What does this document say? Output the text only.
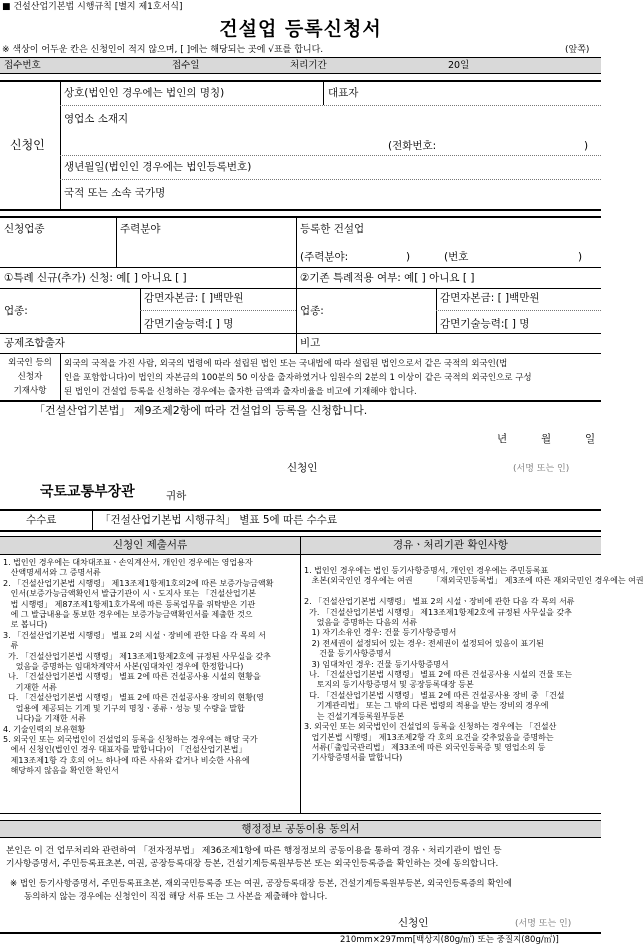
■ 건설산업기본법 시행규칙 [별지 제1호서식]
건설업 등록신청서
※ 색상이 어두운 칸은 신청인이 적지 않으며, [ ]에는 해당되는 곳에 √표를 합니다.	(앞쪽)
접수번호	접수일	처리기간	20일
신청인
상호(법인인 경우에는 법인의 명칭)	대표자
영업소 소재지
(전화번호:	)
생년월일(법인인 경우에는 법인등록번호)
국적 또는 소속 국가명
신청업종	주력분야	등록한 건설업
(주력분야:	)	(번호	)
①특례 신규(추가) 신청: 예[ ] 아니요 [ ]	②기존 특례적용 여부: 예[ ] 아니요 [ ]
업종:
감면자본금: [ ]백만원
감면기술능력:[ ] 명
업종:
감면자본금: [ ]백만원
감면기술능력:[ ] 명
공제조합출자	비고
외국인 등의
신청자
기재사항
외국의 국적을 가진 사람, 외국의 법령에 따라 설립된 법인 또는 국내법에 따라 설립된 법인으로서 같은 국적의 외국인(법
인을 포함합니다)이 법인의 자본금의 100분의 50 이상을 출자하였거나 임원수의 2분의 1 이상이 같은 국적의 외국인으로 구성
된 법인이 건설업 등록을 신청하는 경우에는 출자한 금액과 출자비율을 비고에 기재해야 합니다.
「건설산업기본법」 제9조제2항에 따라 건설업의 등록을 신청합니다.
년	월	일
신청인	(서명 또는 인)
국토교통부장관	귀하
수수료	「건설산업기본법 시행규칙」 별표 5에 따른 수수료
신청인 제출서류	경유ㆍ처리기관 확인사항
1. 법인인 경우에는 대차대조표ㆍ손익계산서, 개인인 경우에는 영업용자
산액명세서와 그 증명서류
2. 「건설산업기본법 시행령」 제13조제1항제1호의2에 따른 보증가능금액확
인서(보증가능금액확인서 발급기관이 시ㆍ도지사 또는 「건설산업기본
법 시행령」 제87조제1항제1호가목에 따른 등록업무를 위탁받은 기관
에 그 발급내용을 통보한 경우에는 보증가능금액확인서를 제출한 것으
로 봅니다)
3. 「건설산업기본법 시행령」 별표 2의 시설ㆍ장비에 관한 다음 각 목의 서
류
가. 「건설산업기본법 시행령」 제13조제1항제2호에 규정된 사무실을 갖추
었음을 증명하는 임대차계약서 사본(임대차인 경우에 한정합니다)
나. 「건설산업기본법 시행령」 별표 2에 따른 건설공사용 시설의 현황을
기재한 서류
다. 「건설산업기본법 시행령」 별표 2에 따른 건설공사용 장비의 현황(영
업용에 제공되는 기계 및 기구의 명칭ㆍ종류ㆍ성능 및 수량을 말합
니다)을 기재한 서류
4. 기술인력의 보유현황
5. 외국인 또는 외국법인이 건설업의 등록을 신청하는 경우에는 해당 국가
에서 신청인(법인인 경우 대표자를 말합니다)이 「건설산업기본법」
제13조제1항 각 호의 어느 하나에 따른 사유와 같거나 비슷한 사유에
해당하지 않음을 확인한 확인서
1. 법인인 경우에는 법인 등기사항증명서, 개인인 경우에는 주민등록표
초본(외국인인 경우에는 여권

2. 「건설산업기본법 시행령」 별표 2의 시설ㆍ장비에 관한 다음 각 목의 서류
가. 「건설산업기본법 시행령」 제13조제1항제2호에 규정된 사무실을 갖추
었음을 증명하는 다음의 서류
1) 자기소유인 경우: 건물 등기사항증명서
2) 전세권이 설정되어 있는 경우: 전세권이 설정되어 있음이 표기된
건물 등기사항증명서
3) 임대차인 경우: 건물 등기사항증명서
나. 「건설산업기본법 시행령」 별표 2에 따른 건설공사용 시설의 건물 또는
토지의 등기사항증명서 및 공장등록대장 등본
다. 「건설산업기본법 시행령」 별표 2에 따른 건설공사용 장비 중 「건설
기계관리법」 또는 그 밖의 다른 법령의 적용을 받는 장비의 경우에
는 건설기계등록원부등본
3. 외국인 또는 외국법인이 건설업의 등록을 신청하는 경우에는 「건설산
업기본법 시행령」 제13조제2항 각 호의 요건을 갖추었음을 증명하는
서류(「출입국관리법」 제33조에 따른 외국인등록증 및 영업소의 등
기사항증명서를 말합니다)
「재외국민등록법」 제3조에 따른 재외국민인 경우에는 여권
행정정보 공동이용 동의서
본인은 이 건 업무처리와 관련하여 「전자정부법」 제36조제1항에 따른 행정정보의 공동이용을 통하여 경유ㆍ처리기관이 법인 등
기사항증명서, 주민등록표초본, 여권, 공장등록대장 등본, 건설기계등록원부등본 또는 외국인등록증을 확인하는 것에 동의합니다.
※ 법인 등기사항증명서, 주민등록표초본, 재외국민등록증 또는 여권, 공장등록대장 등본, 건설기계등록원부등본, 외국인등록증의 확인에
동의하지 않는 경우에는 신청인이 직접 해당 서류 또는 그 사본을 제출해야 합니다.
신청인	(서명 또는 인)
210mm×297mm[백상지(80g/㎡) 또는 중질지(80g/㎡)]
